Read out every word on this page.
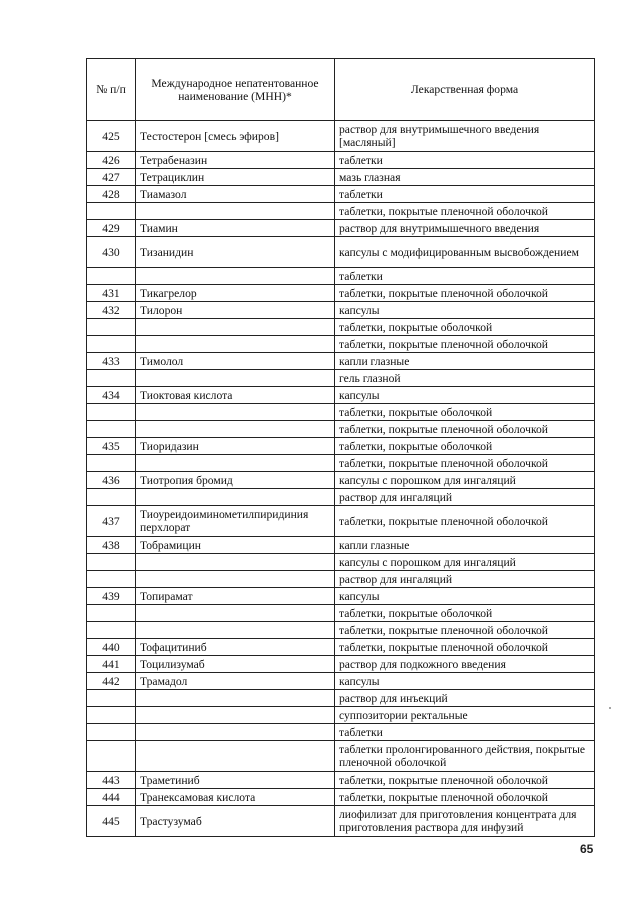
№ п/п	Международное непатентованное наименование (МНН)*	Лекарственная форма
425	Тестостерон [смесь эфиров]	раствор для внутримышечного введения [масляный]
426	Тетрабеназин	таблетки
427	Тетрациклин	мазь глазная
428	Тиамазол	таблетки
		таблетки, покрытые пленочной оболочкой
429	Тиамин	раствор для внутримышечного введения
430	Тизанидин	капсулы с модифицированным высвобождением
		таблетки
431	Тикагрелор	таблетки, покрытые пленочной оболочкой
432	Тилорон	капсулы
		таблетки, покрытые оболочкой
		таблетки, покрытые пленочной оболочкой
433	Тимолол	капли глазные
		гель глазной
434	Тиоктовая кислота	капсулы
		таблетки, покрытые оболочкой
		таблетки, покрытые пленочной оболочкой
435	Тиоридазин	таблетки, покрытые оболочкой
		таблетки, покрытые пленочной оболочкой
436	Тиотропия бромид	капсулы с порошком для ингаляций
		раствор для ингаляций
437	Тиоуреидоиминометилпиридиния перхлорат	таблетки, покрытые пленочной оболочкой
438	Тобрамицин	капли глазные
		капсулы с порошком для ингаляций
		раствор для ингаляций
439	Топирамат	капсулы
		таблетки, покрытые оболочкой
		таблетки, покрытые пленочной оболочкой
440	Тофацитиниб	таблетки, покрытые пленочной оболочкой
441	Тоцилизумаб	раствор для подкожного введения
442	Трамадол	капсулы
		раствор для инъекций
		суппозитории ректальные
		таблетки
		таблетки пролонгированного действия, покрытые пленочной оболочкой
443	Траметиниб	таблетки, покрытые пленочной оболочкой
444	Транексамовая кислота	таблетки, покрытые пленочной оболочкой
445	Трастузумаб	лиофилизат для приготовления концентрата для приготовления раствора для инфузий
65
